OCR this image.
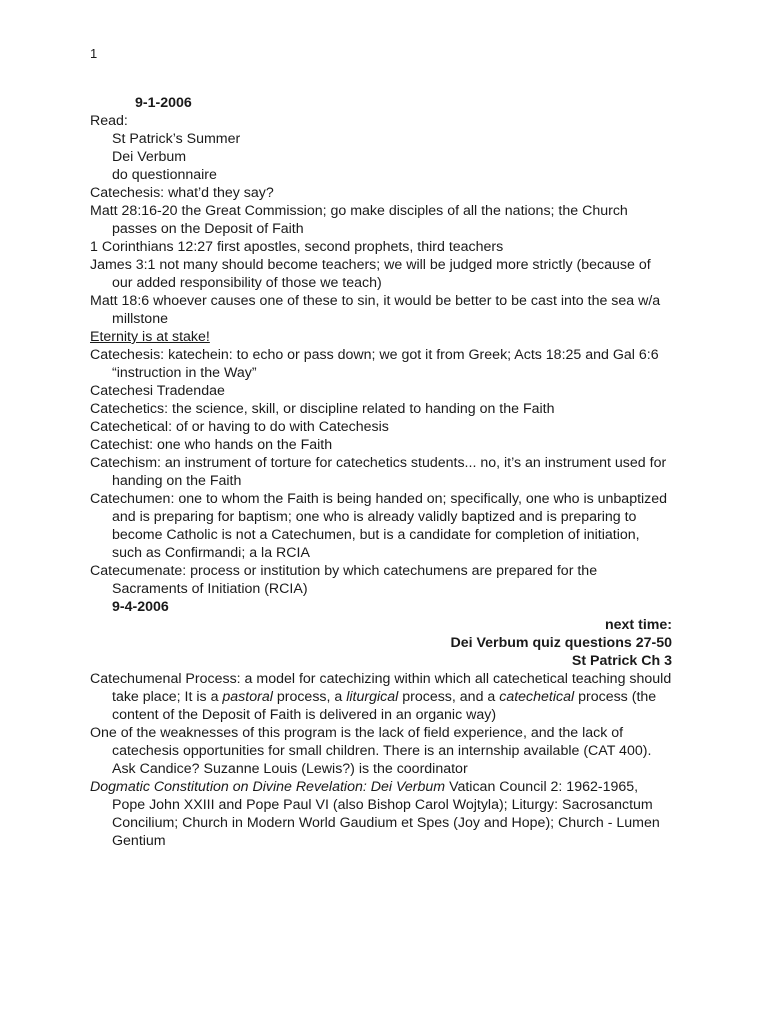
1
9-1-2006
Read:
St Patrick’s Summer
Dei Verbum
do questionnaire
Catechesis: what’d they say?
Matt 28:16-20 the Great Commission; go make disciples of all the nations; the Church passes on the Deposit of Faith
1 Corinthians 12:27 first apostles, second prophets, third teachers
James 3:1 not many should become teachers; we will be judged more strictly (because of our added responsibility of those we teach)
Matt 18:6 whoever causes one of these to sin, it would be better to be cast into the sea w/a millstone
Eternity is at stake!
Catechesis: katechein: to echo or pass down; we got it from Greek; Acts 18:25 and Gal 6:6 “instruction in the Way”
Catechesi Tradendae
Catechetics: the science, skill, or discipline related to handing on the Faith
Catechetical: of or having to do with Catechesis
Catechist: one who hands on the Faith
Catechism: an instrument of torture for catechetics students... no, it’s an instrument used for handing on the Faith
Catechumen: one to whom the Faith is being handed on; specifically, one who is unbaptized and is preparing for baptism; one who is already validly baptized and is preparing to become Catholic is not a Catechumen, but is a candidate for completion of initiation, such as Confirmandi; a la RCIA
Catecumenate: process or institution by which catechumens are prepared for the Sacraments of Initiation (RCIA)
9-4-2006
next time:
Dei Verbum quiz questions 27-50
St Patrick Ch 3
Catechumenal Process: a model for catechizing within which all catechetical teaching should take place; It is a pastoral process, a liturgical process, and a catechetical process (the content of the Deposit of Faith is delivered in an organic way)
One of the weaknesses of this program is the lack of field experience, and the lack of catechesis opportunities for small children. There is an internship available (CAT 400). Ask Candice? Suzanne Louis (Lewis?) is the coordinator
Dogmatic Constitution on Divine Revelation: Dei Verbum Vatican Council 2: 1962-1965, Pope John XXIII and Pope Paul VI (also Bishop Carol Wojtyla); Liturgy: Sacrosanctum Concilium; Church in Modern World Gaudium et Spes (Joy and Hope); Church - Lumen Gentium
